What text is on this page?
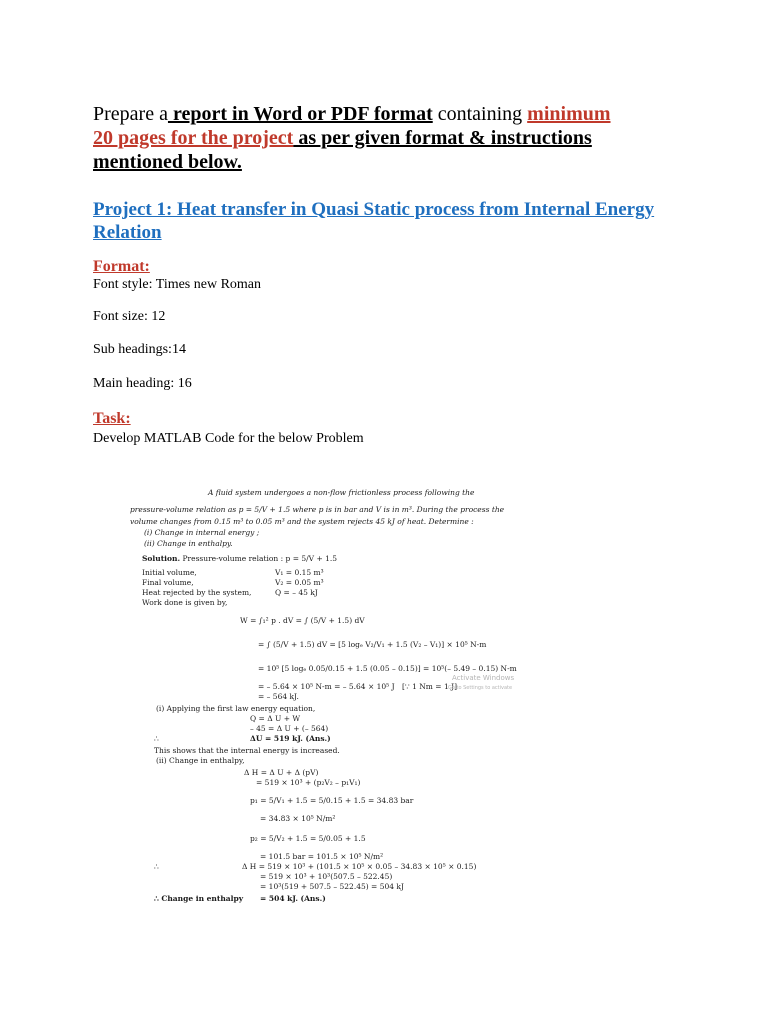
Prepare a report in Word or PDF format containing minimum
20 pages for the project as per given format & instructions
mentioned below.
Project 1: Heat transfer in Quasi Static process from Internal Energy Relation
Format:
Font style: Times new Roman
Font size: 12
Sub headings:14
Main heading: 16
Task:
Develop MATLAB Code for the below Problem
A fluid system undergoes a non-flow frictionless process following the
pressure-volume relation as p = 5/V + 1.5 where p is in bar and V is in m³. During the process the
volume changes from 0.15 m³ to 0.05 m³ and the system rejects 45 kJ of heat. Determine :
(i) Change in internal energy ;
(ii) Change in enthalpy.
Solution. Pressure-volume relation : p = 5/V + 1.5
Initial volume,	V₁ = 0.15 m³
Final volume,	V₂ = 0.05 m³
Heat rejected by the system,	Q = – 45 kJ
Work done is given by,
W = ∫₁² p . dV = ∫ (5/V + 1.5) dV
= ∫ (5/V + 1.5) dV = [5 logₑ V₂/V₁ + 1.5 (V₂ – V₁)] × 10⁵ N-m
= 10⁵ [5 logₑ 0.05/0.15 + 1.5 (0.05 – 0.15)] = 10⁵(– 5.49 – 0.15) N-m
= – 5.64 × 10⁵ N-m = – 5.64 × 10⁵ J [∵ 1 Nm = 1 J]
= – 564 kJ.
(i) Applying the first law energy equation,
Q = Δ U + W
– 45 = Δ U + (– 564)
∴	ΔU = 519 kJ. (Ans.)
This shows that the internal energy is increased.
(ii) Change in enthalpy,
Δ H = Δ U + Δ (pV)
= 519 × 10³ + (p₂V₂ – p₁V₁)
p₁ = 5/V₁ + 1.5 = 5/0.15 + 1.5 = 34.83 bar
= 34.83 × 10⁵ N/m²
p₂ = 5/V₂ + 1.5 = 5/0.05 + 1.5
= 101.5 bar = 101.5 × 10⁵ N/m²
∴	Δ H = 519 × 10³ + (101.5 × 10⁵ × 0.05 – 34.83 × 10⁵ × 0.15)
= 519 × 10³ + 10³(507.5 – 522.45)
= 10³(519 + 507.5 – 522.45) = 504 kJ
∴ Change in enthalpy = 504 kJ. (Ans.)
Activate Windows
Go to Settings to activate
